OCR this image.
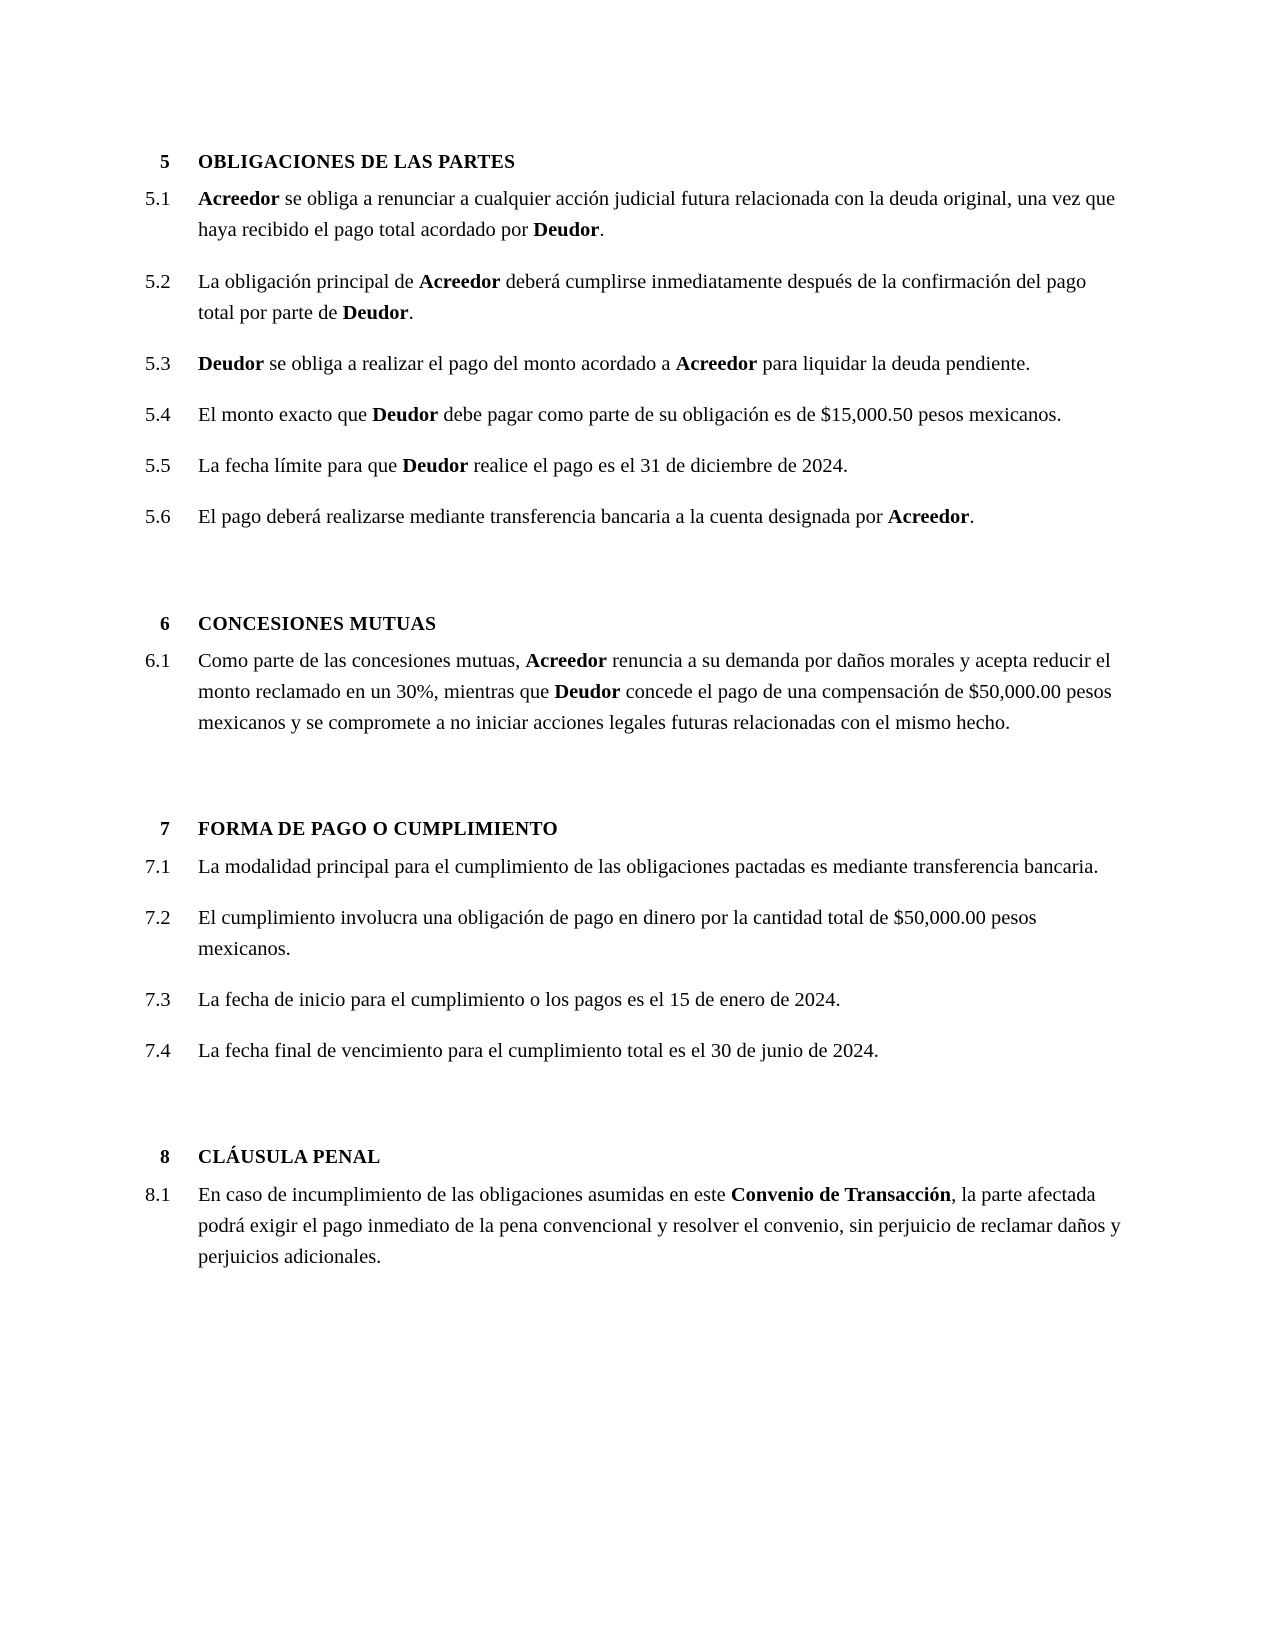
5	OBLIGACIONES DE LAS PARTES
5.1	Acreedor se obliga a renunciar a cualquier acción judicial futura relacionada con la deuda original, una vez que haya recibido el pago total acordado por Deudor.
5.2	La obligación principal de Acreedor deberá cumplirse inmediatamente después de la confirmación del pago total por parte de Deudor.
5.3	Deudor se obliga a realizar el pago del monto acordado a Acreedor para liquidar la deuda pendiente.
5.4	El monto exacto que Deudor debe pagar como parte de su obligación es de $15,000.50 pesos mexicanos.
5.5	La fecha límite para que Deudor realice el pago es el 31 de diciembre de 2024.
5.6	El pago deberá realizarse mediante transferencia bancaria a la cuenta designada por Acreedor.
6	CONCESIONES MUTUAS
6.1	Como parte de las concesiones mutuas, Acreedor renuncia a su demanda por daños morales y acepta reducir el monto reclamado en un 30%, mientras que Deudor concede el pago de una compensación de $50,000.00 pesos mexicanos y se compromete a no iniciar acciones legales futuras relacionadas con el mismo hecho.
7	FORMA DE PAGO O CUMPLIMIENTO
7.1	La modalidad principal para el cumplimiento de las obligaciones pactadas es mediante transferencia bancaria.
7.2	El cumplimiento involucra una obligación de pago en dinero por la cantidad total de $50,000.00 pesos mexicanos.
7.3	La fecha de inicio para el cumplimiento o los pagos es el 15 de enero de 2024.
7.4	La fecha final de vencimiento para el cumplimiento total es el 30 de junio de 2024.
8	CLÁUSULA PENAL
8.1	En caso de incumplimiento de las obligaciones asumidas en este Convenio de Transacción, la parte afectada podrá exigir el pago inmediato de la pena convencional y resolver el convenio, sin perjuicio de reclamar daños y perjuicios adicionales.
